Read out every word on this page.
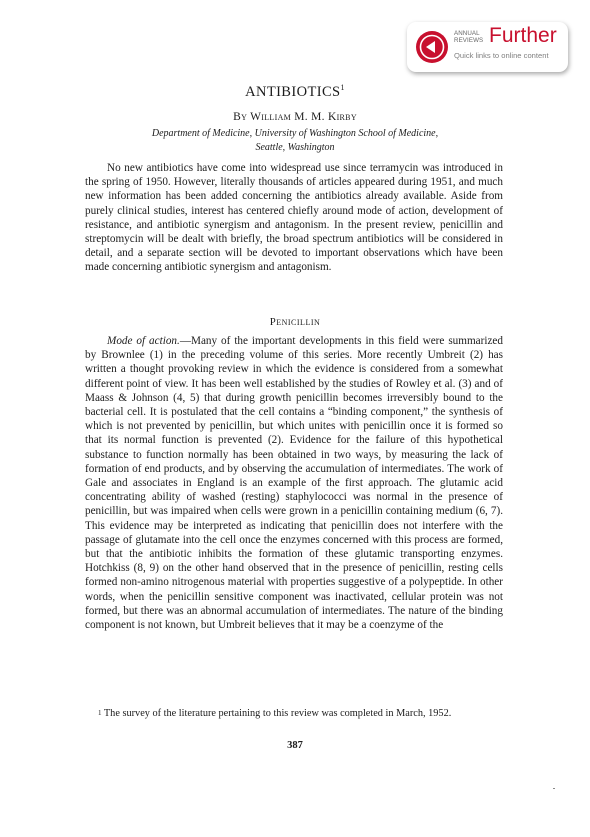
ANNUAL
REVIEWS Further
Quick links to online content
ANTIBIOTICS$^1$
By William M. M. Kirby
Department of Medicine, University of Washington School of Medicine,
Seattle, Washington

No new antibiotics have come into widespread use since terramycin was introduced in the spring of 1950. However, literally thousands of articles appeared during 1951, and much new information has been added concerning the antibiotics already available. Aside from purely clinical studies, interest has centered chiefly around mode of action, development of resistance, and antibiotic synergism and antagonism. In the present review, penicillin and streptomycin will be dealt with briefly, the broad spectrum antibiotics will be considered in detail, and a separate section will be devoted to important observations which have been made concerning antibiotic synergism and antagonism.

Penicillin

Mode of action.—Many of the important developments in this field were summarized by Brownlee (1) in the preceding volume of this series. More recently Umbreit (2) has written a thought provoking review in which the evidence is considered from a somewhat different point of view. It has been well established by the studies of Rowley et al. (3) and of Maass & Johnson (4, 5) that during growth penicillin becomes irreversibly bound to the bacterial cell. It is postulated that the cell contains a “binding component,” the synthesis of which is not prevented by penicillin, but which unites with penicillin once it is formed so that its normal function is prevented (2). Evidence for the failure of this hypothetical substance to function normally has been obtained in two ways, by measuring the lack of formation of end products, and by observing the accumulation of intermediates. The work of Gale and associates in England is an example of the first approach. The glutamic acid concentrating ability of washed (resting) staphylococci was normal in the presence of penicillin, but was impaired when cells were grown in a penicillin containing medium (6, 7). This evidence may be interpreted as indicating that penicillin does not interfere with the passage of glutamate into the cell once the enzymes concerned with this process are formed, but that the antibiotic inhibits the formation of these glutamic transporting enzymes. Hotchkiss (8, 9) on the other hand observed that in the presence of penicillin, resting cells formed non-amino nitrogenous material with properties suggestive of a polypeptide. In other words, when the penicillin sensitive component was inactivated, cellular protein was not formed, but there was an abnormal accumulation of intermediates. The nature of the binding component is not known, but Umbreit believes that it may be a coenzyme of the

$^1$ The survey of the literature pertaining to this review was completed in March, 1952.
387
